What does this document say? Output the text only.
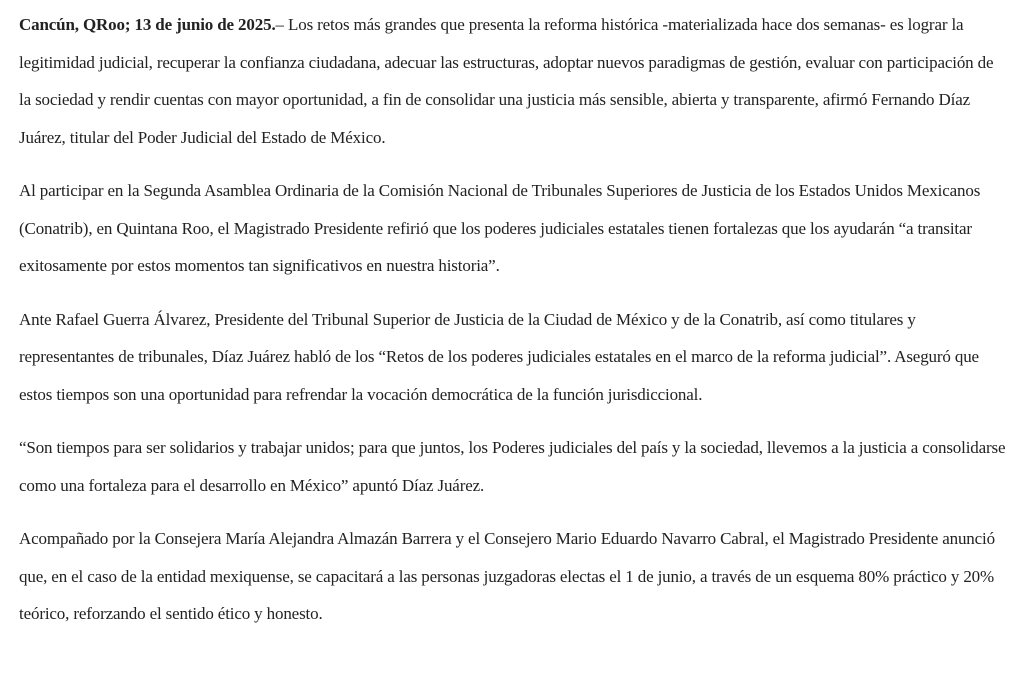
Cancún, QRoo; 13 de junio de 2025.– Los retos más grandes que presenta la reforma histórica -materializada hace dos semanas- es lograr la legitimidad judicial, recuperar la confianza ciudadana, adecuar las estructuras, adoptar nuevos paradigmas de gestión, evaluar con participación de la sociedad y rendir cuentas con mayor oportunidad, a fin de consolidar una justicia más sensible, abierta y transparente, afirmó Fernando Díaz Juárez, titular del Poder Judicial del Estado de México.

Al participar en la Segunda Asamblea Ordinaria de la Comisión Nacional de Tribunales Superiores de Justicia de los Estados Unidos Mexicanos (Conatrib), en Quintana Roo, el Magistrado Presidente refirió que los poderes judiciales estatales tienen fortalezas que los ayudarán “a transitar exitosamente por estos momentos tan significativos en nuestra historia”.

Ante Rafael Guerra Álvarez, Presidente del Tribunal Superior de Justicia de la Ciudad de México y de la Conatrib, así como titulares y representantes de tribunales, Díaz Juárez habló de los “Retos de los poderes judiciales estatales en el marco de la reforma judicial”. Aseguró que estos tiempos son una oportunidad para refrendar la vocación democrática de la función jurisdiccional.

“Son tiempos para ser solidarios y trabajar unidos; para que juntos, los Poderes judiciales del país y la sociedad, llevemos a la justicia a consolidarse como una fortaleza para el desarrollo en México” apuntó Díaz Juárez.

Acompañado por la Consejera María Alejandra Almazán Barrera y el Consejero Mario Eduardo Navarro Cabral, el Magistrado Presidente anunció que, en el caso de la entidad mexiquense, se capacitará a las personas juzgadoras electas el 1 de junio, a través de un esquema 80% práctico y 20% teórico, reforzando el sentido ético y honesto.
